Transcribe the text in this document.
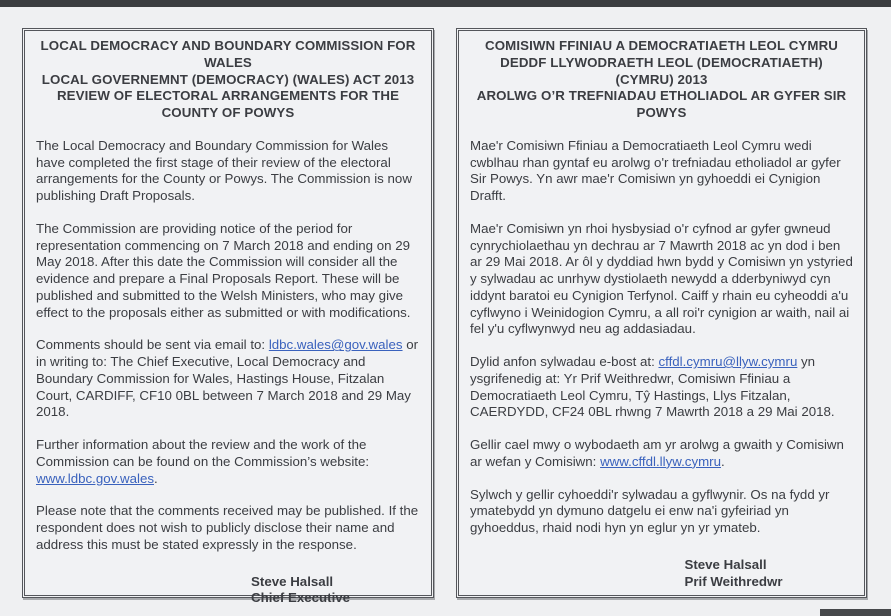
LOCAL DEMOCRACY AND BOUNDARY COMMISSION FOR WALES
LOCAL GOVERNEMNT (DEMOCRACY) (WALES) ACT 2013
REVIEW OF ELECTORAL ARRANGEMENTS FOR THE COUNTY OF POWYS

The Local Democracy and Boundary Commission for Wales have completed the first stage of their review of the electoral arrangements for the County or Powys. The Commission is now publishing Draft Proposals.

The Commission are providing notice of the period for representation commencing on 7 March 2018 and ending on 29 May 2018. After this date the Commission will consider all the evidence and prepare a Final Proposals Report. These will be published and submitted to the Welsh Ministers, who may give effect to the proposals either as submitted or with modifications.

Comments should be sent via email to: ldbc.wales@gov.wales or in writing to: The Chief Executive, Local Democracy and Boundary Commission for Wales, Hastings House, Fitzalan Court, CARDIFF, CF10 0BL between 7 March 2018 and 29 May 2018.

Further information about the review and the work of the Commission can be found on the Commission’s website: www.ldbc.gov.wales.

Please note that the comments received may be published. If the respondent does not wish to publicly disclose their name and address this must be stated expressly in the response.

Steve Halsall
Chief Executive
COMISIWN FFINIAU A DEMOCRATIAETH LEOL CYMRU
DEDDF LLYWODRAETH LEOL (DEMOCRATIAETH) (CYMRU) 2013
AROLWG O’R TREFNIADAU ETHOLIADOL AR GYFER SIR POWYS

Mae'r Comisiwn Ffiniau a Democratiaeth Leol Cymru wedi cwblhau rhan gyntaf eu arolwg o'r trefniadau etholiadol ar gyfer Sir Powys. Yn awr mae'r Comisiwn yn gyhoeddi ei Cynigion Drafft.

Mae'r Comisiwn yn rhoi hysbysiad o'r cyfnod ar gyfer gwneud cynrychiolaethau yn dechrau ar 7 Mawrth 2018 ac yn dod i ben ar 29 Mai 2018. Ar ôl y dyddiad hwn bydd y Comisiwn yn ystyried y sylwadau ac unrhyw dystiolaeth newydd a dderbyniwyd cyn iddynt baratoi eu Cynigion Terfynol. Caiff y rhain eu cyheoddi a'u cyflwyno i Weinidogion Cymru, a all roi'r cynigion ar waith, nail ai fel y'u cyflwynwyd neu ag addasiadau.

Dylid anfon sylwadau e-bost at: cffdl.cymru@llyw.cymru yn ysgrifenedig at: Yr Prif Weithredwr, Comisiwn Ffiniau a Democratiaeth Leol Cymru, Tŷ Hastings, Llys Fitzalan, CAERDYDD, CF24 0BL rhwng 7 Mawrth 2018 a 29 Mai 2018.

Gellir cael mwy o wybodaeth am yr arolwg a gwaith y Comisiwn ar wefan y Comisiwn: www.cffdl.llyw.cymru.

Sylwch y gellir cyhoeddi'r sylwadau a gyflwynir. Os na fydd yr ymatebydd yn dymuno datgelu ei enw na'i gyfeiriad yn gyhoeddus, rhaid nodi hyn yn eglur yn yr ymateb.

Steve Halsall
Prif Weithredwr
